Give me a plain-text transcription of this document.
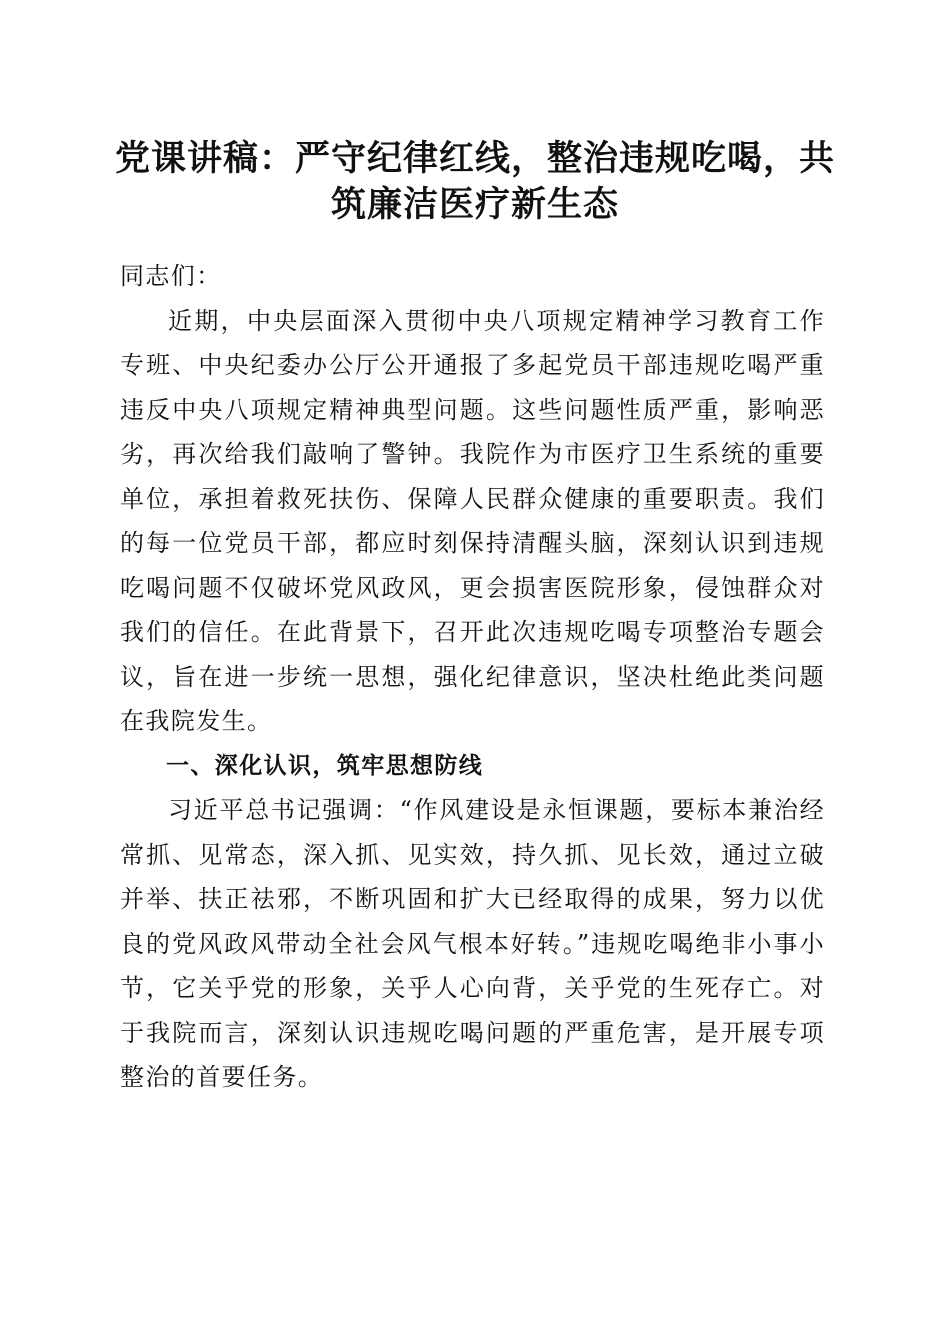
党课讲稿：严守纪律红线，整治违规吃喝，共筑廉洁医疗新生态

同志们：

近期，中央层面深入贯彻中央八项规定精神学习教育工作专班、中央纪委办公厅公开通报了多起党员干部违规吃喝严重违反中央八项规定精神典型问题。这些问题性质严重，影响恶劣，再次给我们敲响了警钟。我院作为市医疗卫生系统的重要单位，承担着救死扶伤、保障人民群众健康的重要职责。我们的每一位党员干部，都应时刻保持清醒头脑，深刻认识到违规吃喝问题不仅破坏党风政风，更会损害医院形象，侵蚀群众对我们的信任。在此背景下，召开此次违规吃喝专项整治专题会议，旨在进一步统一思想，强化纪律意识，坚决杜绝此类问题在我院发生。

一、深化认识，筑牢思想防线

习近平总书记强调：“作风建设是永恒课题，要标本兼治经常抓、见常态，深入抓、见实效，持久抓、见长效，通过立破并举、扶正祛邪，不断巩固和扩大已经取得的成果，努力以优良的党风政风带动全社会风气根本好转。”违规吃喝绝非小事小节，它关乎党的形象，关乎人心向背，关乎党的生死存亡。对于我院而言，深刻认识违规吃喝问题的严重危害，是开展专项整治的首要任务。
